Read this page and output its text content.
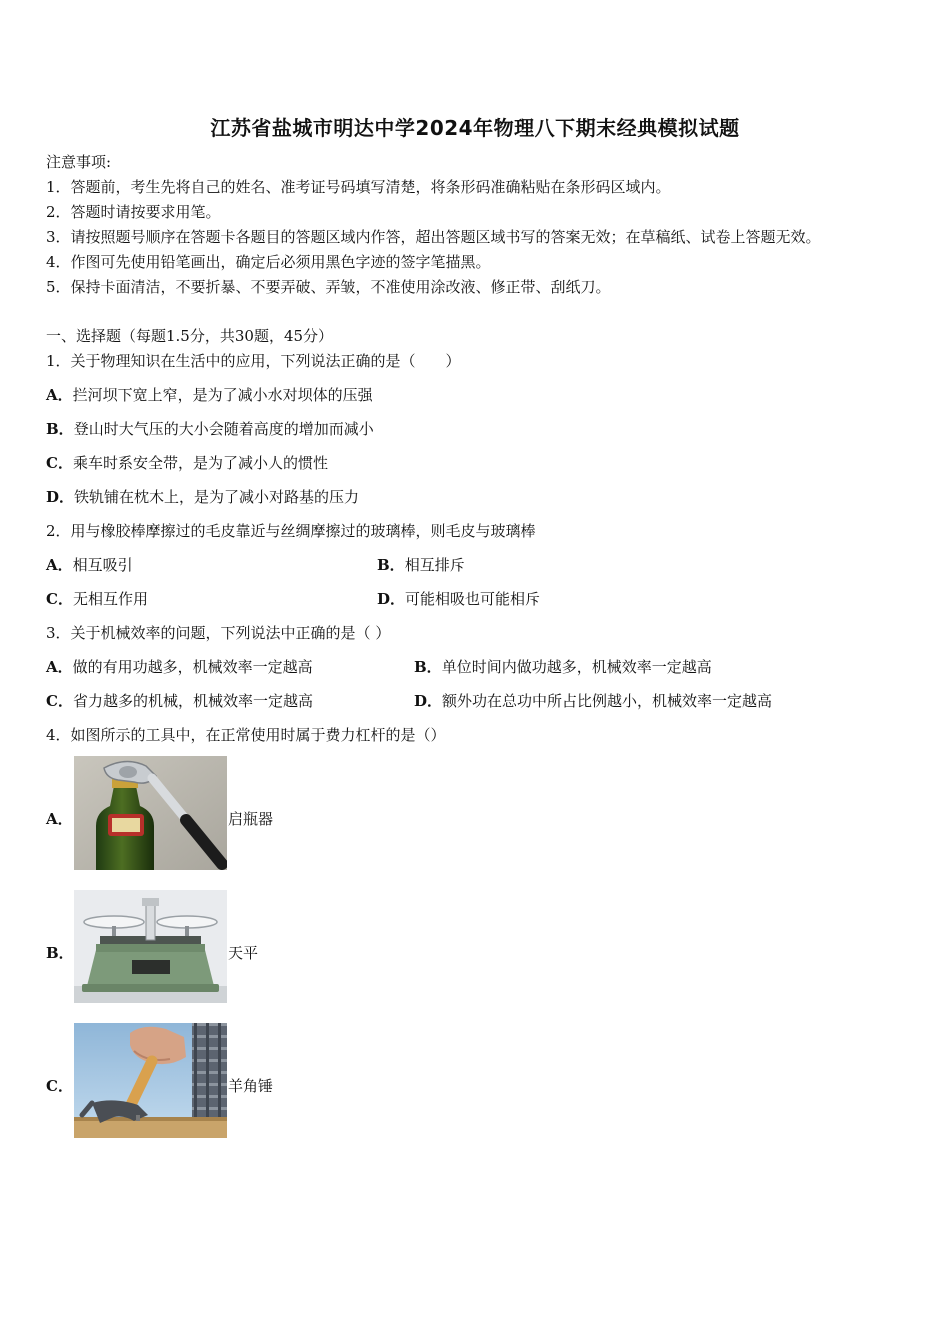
江苏省盐城市明达中学2024年物理八下期末经典模拟试题
注意事项:
1．答题前，考生先将自己的姓名、准考证号码填写清楚，将条形码准确粘贴在条形码区域内。
2．答题时请按要求用笔。
3．请按照题号顺序在答题卡各题目的答题区域内作答，超出答题区域书写的答案无效；在草稿纸、试卷上答题无效。
4．作图可先使用铅笔画出，确定后必须用黑色字迹的签字笔描黑。
5．保持卡面清洁，不要折暴、不要弄破、弄皱，不准使用涂改液、修正带、刮纸刀。
一、选择题（每题1.5分，共30题，45分）
1．关于物理知识在生活中的应用，下列说法正确的是（　　）
A．拦河坝下宽上窄，是为了减小水对坝体的压强
B．登山时大气压的大小会随着高度的增加而减小
C．乘车时系安全带，是为了减小人的惯性
D．铁轨铺在枕木上，是为了减小对路基的压力
2．用与橡胶棒摩擦过的毛皮靠近与丝绸摩擦过的玻璃棒，则毛皮与玻璃棒
A．相互吸引	B．相互排斥
C．无相互作用	D．可能相吸也可能相斥
3．关于机械效率的问题，下列说法中正确的是（ ）
A．做的有用功越多，机械效率一定越高	B．单位时间内做功越多，机械效率一定越高
C．省力越多的机械，机械效率一定越高	D．额外功在总功中所占比例越小，机械效率一定越高
4．如图所示的工具中，在正常使用时属于费力杠杆的是（）
A．	启瓶器
B．	天平
C．	羊角锤
